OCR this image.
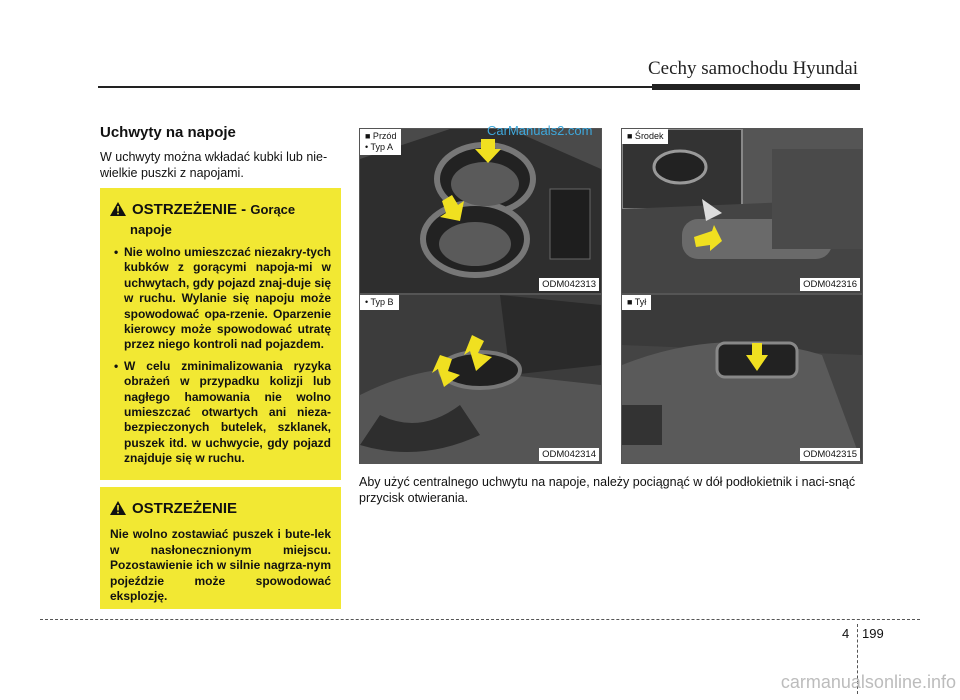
Cechy samochodu Hyundai
Uchwyty na napoje
W uchwyty można wkładać kubki lub nie-wielkie puszki z napojami.
OSTRZEŻENIE - Gorące
napoje
• Nie wolno umieszczać niezakry-tych kubków z gorącymi napoja-mi w uchwytach, gdy pojazd znaj-duje się w ruchu. Wylanie się napoju może spowodować opa-rzenie. Oparzenie kierowcy może spowodować utratę przez niego kontroli nad pojazdem.
• W celu zminimalizowania ryzyka obrażeń w przypadku kolizji lub nagłego hamowania nie wolno umieszczać otwartych ani nieza-bezpieczonych butelek, szklanek, puszek itd. w uchwycie, gdy pojazd znajduje się w ruchu.
OSTRZEŻENIE
Nie wolno zostawiać puszek i bute-lek w nasłonecznionym miejscu. Pozostawienie ich w silnie nagrza-nym pojeździe może spowodować eksplozję.
■ Przód
• Typ A
ODM042313
• Typ B
ODM042314
■ Środek
ODM042316
■ Tył
ODM042315
CarManuals2.com
Aby użyć centralnego uchwytu na napoje, należy pociągnąć w dół podłokietnik i naci-snąć przycisk otwierania.
4 199
carmanualsonline.info
